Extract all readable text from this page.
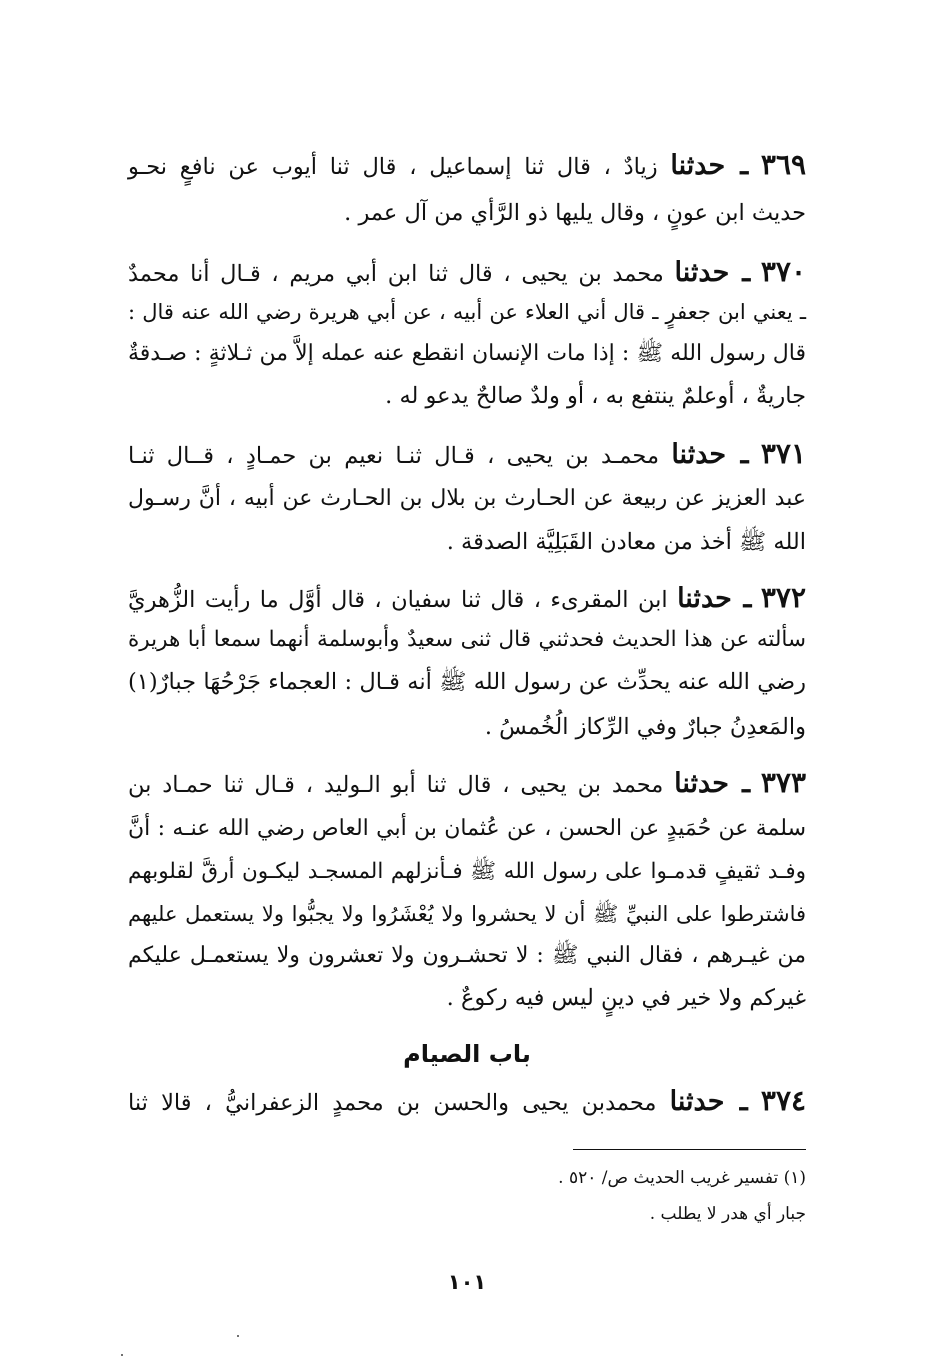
٣٦٩ ـ حدثنا زيادٌ ، قال ثنا إسماعيل ، قال ثنا أيوب عن نافعٍ نحـو
حديث ابن عونٍ ، وقال يليها ذو الرَّأي من آل عمر .
٣٧٠ ـ حدثنا محمد بن يحيى ، قال ثنا ابن أبي مريم ، قـال أنا محمدٌ
ـ يعني ابن جعفرٍ ـ قال أني العلاء عن أبيه ، عن أبي هريرة رضي الله عنه قال :
قال رسول الله ﷺ : إذا مات الإنسان انقطع عنه عمله إلاَّ من ثـلاثةٍ : صـدقةٌ
جاريةٌ ، أوعلمٌ ينتفع به ، أو ولدٌ صالحٌ يدعو له .
٣٧١ ـ حدثنا محمـد بن يحيى ، قـال ثنـا نعيم بن حمـادٍ ، قــال ثنـا
عبد العزيز عن ربيعة عن الحـارث بن بلال بن الحـارث عن أبيه ، أنَّ رسـول
الله ﷺ أخذ من معادن القَبَلِيَّة الصدقة .
٣٧٢ ـ حدثنا ابن المقرىء ، قال ثنا سفيان ، قال أوَّل ما رأيت الزُّهريَّ
سألته عن هذا الحديث فحدثني قال ثنى سعيدٌ وأبوسلمة أنهما سمعا أبا هريرة
رضي الله عنه يحدِّث عن رسول الله ﷺ أنه قـال : العجماء جَرْحُهَا جبارٌ(١)
والمَعدِنُ جبارٌ وفي الرِّكاز الُخُمسُ .
٣٧٣ ـ حدثنا محمد بن يحيى ، قال ثنا أبو الـوليد ، قـال ثنا حمـاد بن
سلمة عن حُمَيدٍ عن الحسن ، عن عُثمان بن أبي العاص رضي الله عنـه : أنَّ
وفـد ثقيفٍ قدمـوا على رسول الله ﷺ فـأنزلهم المسجـد ليكـون أرقَّ لقلوبهم
فاشترطوا على النبيِّ ﷺ أن لا يحشروا ولا يُعْشَرُوا ولا يجبُّوا ولا يستعمل عليهم
من غيـرهم ، فقال النبي ﷺ : لا تحشـرون ولا تعشرون ولا يستعمـل عليكم
غيركم ولا خير في دينٍ ليس فيه ركوعٌ .
باب الصيام
٣٧٤ ـ حدثنا محمدبن يحيى والحسن بن محمدٍ الزعفرانيُّ ، قالا ثنا
(١) تفسير غريب الحديث ص/ ٥٢٠ .
جبار أي هدر لا يطلب .
١٠١
